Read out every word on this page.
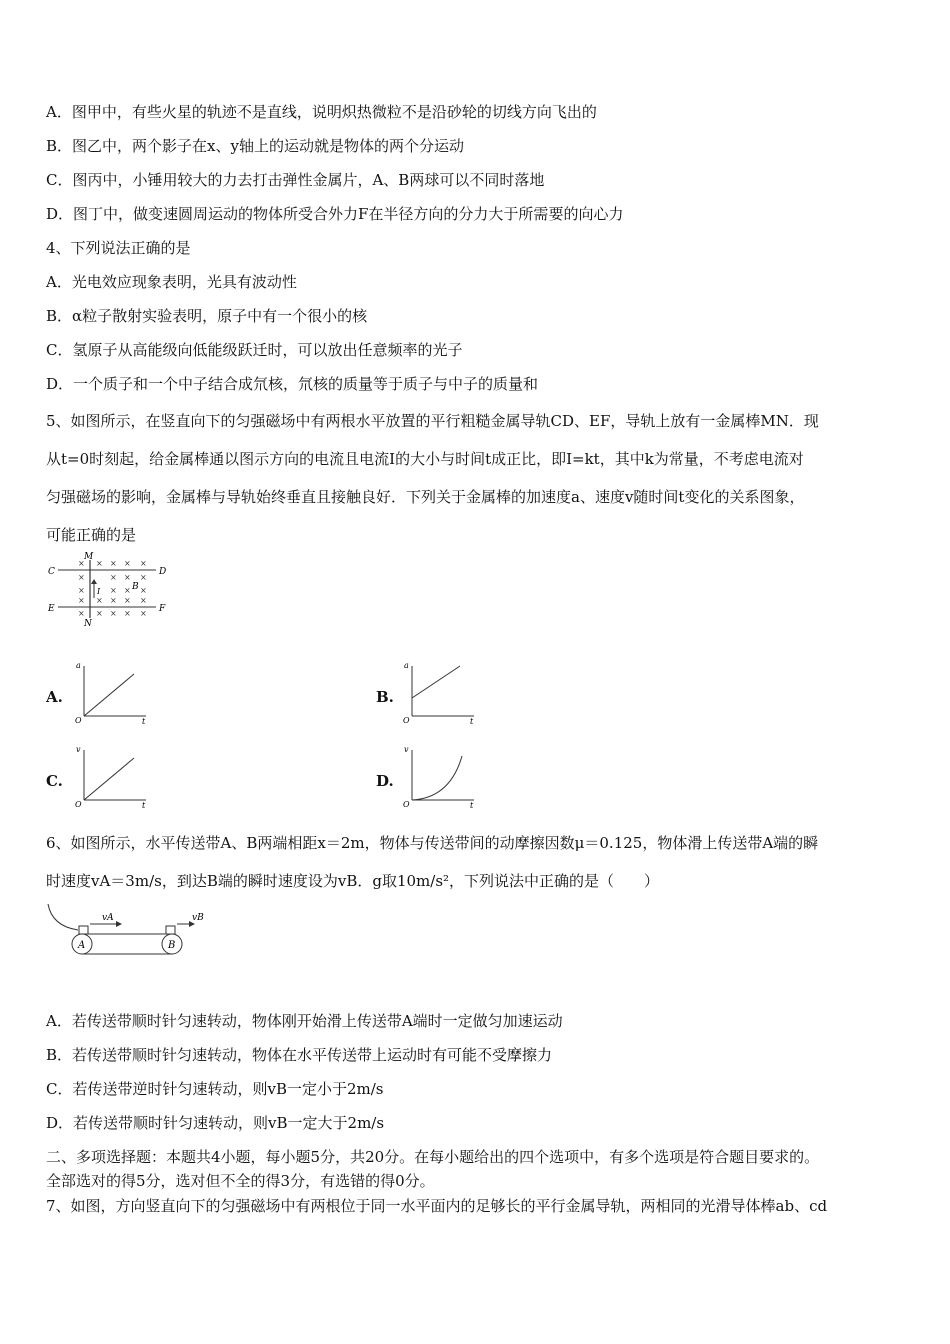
A．图甲中，有些火星的轨迹不是直线，说明炽热微粒不是沿砂轮的切线方向飞出的
B．图乙中，两个影子在x、y轴上的运动就是物体的两个分运动
C．图丙中，小锤用较大的力去打击弹性金属片，A、B两球可以不同时落地
D．图丁中，做变速圆周运动的物体所受合外力F在半径方向的分力大于所需要的向心力
4、下列说法正确的是
A．光电效应现象表明，光具有波动性
B．α粒子散射实验表明，原子中有一个很小的核
C．氢原子从高能级向低能级跃迁时，可以放出任意频率的光子
D．一个质子和一个中子结合成氘核，氘核的质量等于质子与中子的质量和
5、如图所示，在竖直向下的匀强磁场中有两根水平放置的平行粗糙金属导轨CD、EF，导轨上放有一金属棒MN．现
从t=0时刻起，给金属棒通以图示方向的电流且电流I的大小与时间t成正比，即I=kt，其中k为常量，不考虑电流对
匀强磁场的影响，金属棒与导轨始终垂直且接触良好．下列关于金属棒的加速度a、速度v随时间t变化的关系图象，
可能正确的是
C	D
E	F
M
N
B
I
× × × × ×
×	× × ×
×	× × ×
× × × × ×
× × × × ×
A.
a
t
O
B.
a
t
O
C.
v
t
O
D.
v
t
O
6、如图所示，水平传送带A、B两端相距x＝2m，物体与传送带间的动摩擦因数μ＝0.125，物体滑上传送带A端的瞬
时速度vA＝3m/s，到达B端的瞬时速度设为vB．g取10m/s²，下列说法中正确的是（　　）
A	B
vA	vB
A．若传送带顺时针匀速转动，物体刚开始滑上传送带A端时一定做匀加速运动
B．若传送带顺时针匀速转动，物体在水平传送带上运动时有可能不受摩擦力
C．若传送带逆时针匀速转动，则vB一定小于2m/s
D．若传送带顺时针匀速转动，则vB一定大于2m/s
二、多项选择题：本题共4小题，每小题5分，共20分。在每小题给出的四个选项中，有多个选项是符合题目要求的。
全部选对的得5分，选对但不全的得3分，有选错的得0分。
7、如图，方向竖直向下的匀强磁场中有两根位于同一水平面内的足够长的平行金属导轨，两相同的光滑导体棒ab、cd
